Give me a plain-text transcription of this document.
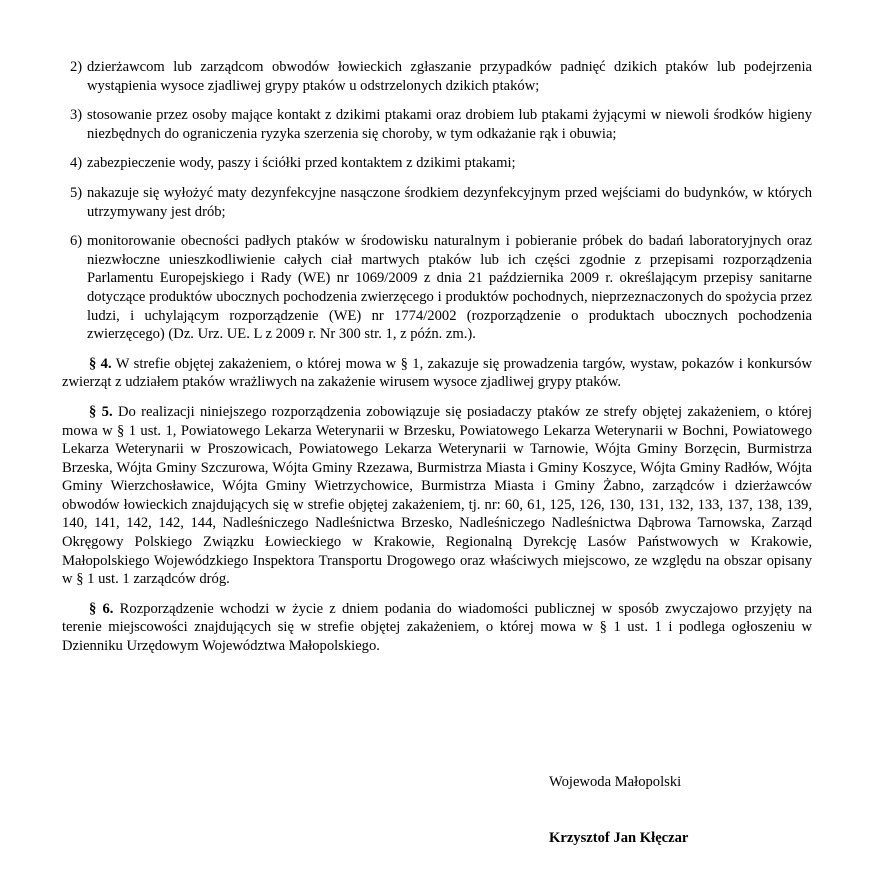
2) dzierżawcom lub zarządcom obwodów łowieckich zgłaszanie przypadków padnięć dzikich ptaków lub podejrzenia wystąpienia wysoce zjadliwej grypy ptaków u odstrzelonych dzikich ptaków;
3) stosowanie przez osoby mające kontakt z dzikimi ptakami oraz drobiem lub ptakami żyjącymi w niewoli środków higieny niezbędnych do ograniczenia ryzyka szerzenia się choroby, w tym odkażanie rąk i obuwia;
4) zabezpieczenie wody, paszy i ściółki przed kontaktem z dzikimi ptakami;
5) nakazuje się wyłożyć maty dezynfekcyjne nasączone środkiem dezynfekcyjnym przed wejściami do budynków, w których utrzymywany jest drób;
6) monitorowanie obecności padłych ptaków w środowisku naturalnym i pobieranie próbek do badań laboratoryjnych oraz niezwłoczne unieszkodliwienie całych ciał martwych ptaków lub ich części zgodnie z przepisami rozporządzenia Parlamentu Europejskiego i Rady (WE) nr 1069/2009 z dnia 21 października 2009 r. określającym przepisy sanitarne dotyczące produktów ubocznych pochodzenia zwierzęcego i produktów pochodnych, nieprzeznaczonych do spożycia przez ludzi, i uchylającym rozporządzenie (WE) nr 1774/2002 (rozporządzenie o produktach ubocznych pochodzenia zwierzęcego) (Dz. Urz. UE. L z 2009 r. Nr 300 str. 1, z późn. zm.).
§ 4. W strefie objętej zakażeniem, o której mowa w § 1, zakazuje się prowadzenia targów, wystaw, pokazów i konkursów zwierząt z udziałem ptaków wrażliwych na zakażenie wirusem wysoce zjadliwej grypy ptaków.
§ 5. Do realizacji niniejszego rozporządzenia zobowiązuje się posiadaczy ptaków ze strefy objętej zakażeniem, o której mowa w § 1 ust. 1, Powiatowego Lekarza Weterynarii w Brzesku, Powiatowego Lekarza Weterynarii w Bochni, Powiatowego Lekarza Weterynarii w Proszowicach, Powiatowego Lekarza Weterynarii w Tarnowie, Wójta Gminy Borzęcin, Burmistrza Brzeska, Wójta Gminy Szczurowa, Wójta Gminy Rzezawa, Burmistrza Miasta i Gminy Koszyce, Wójta Gminy Radłów, Wójta Gminy Wierzchosławice, Wójta Gminy Wietrzychowice, Burmistrza Miasta i Gminy Żabno, zarządców i dzierżawców obwodów łowieckich znajdujących się w strefie objętej zakażeniem, tj. nr: 60, 61, 125, 126, 130, 131, 132, 133, 137, 138, 139, 140, 141, 142, 142, 144, Nadleśniczego Nadleśnictwa Brzesko, Nadleśniczego Nadleśnictwa Dąbrowa Tarnowska, Zarząd Okręgowy Polskiego Związku Łowieckiego w Krakowie, Regionalną Dyrekcję Lasów Państwowych w Krakowie, Małopolskiego Wojewódzkiego Inspektora Transportu Drogowego oraz właściwych miejscowo, ze względu na obszar opisany w § 1 ust. 1 zarządców dróg.
§ 6. Rozporządzenie wchodzi w życie z dniem podania do wiadomości publicznej w sposób zwyczajowo przyjęty na terenie miejscowości znajdujących się w strefie objętej zakażeniem, o której mowa w § 1 ust. 1 i podlega ogłoszeniu w Dzienniku Urzędowym Województwa Małopolskiego.
Wojewoda Małopolski
Krzysztof Jan Kłęczar
